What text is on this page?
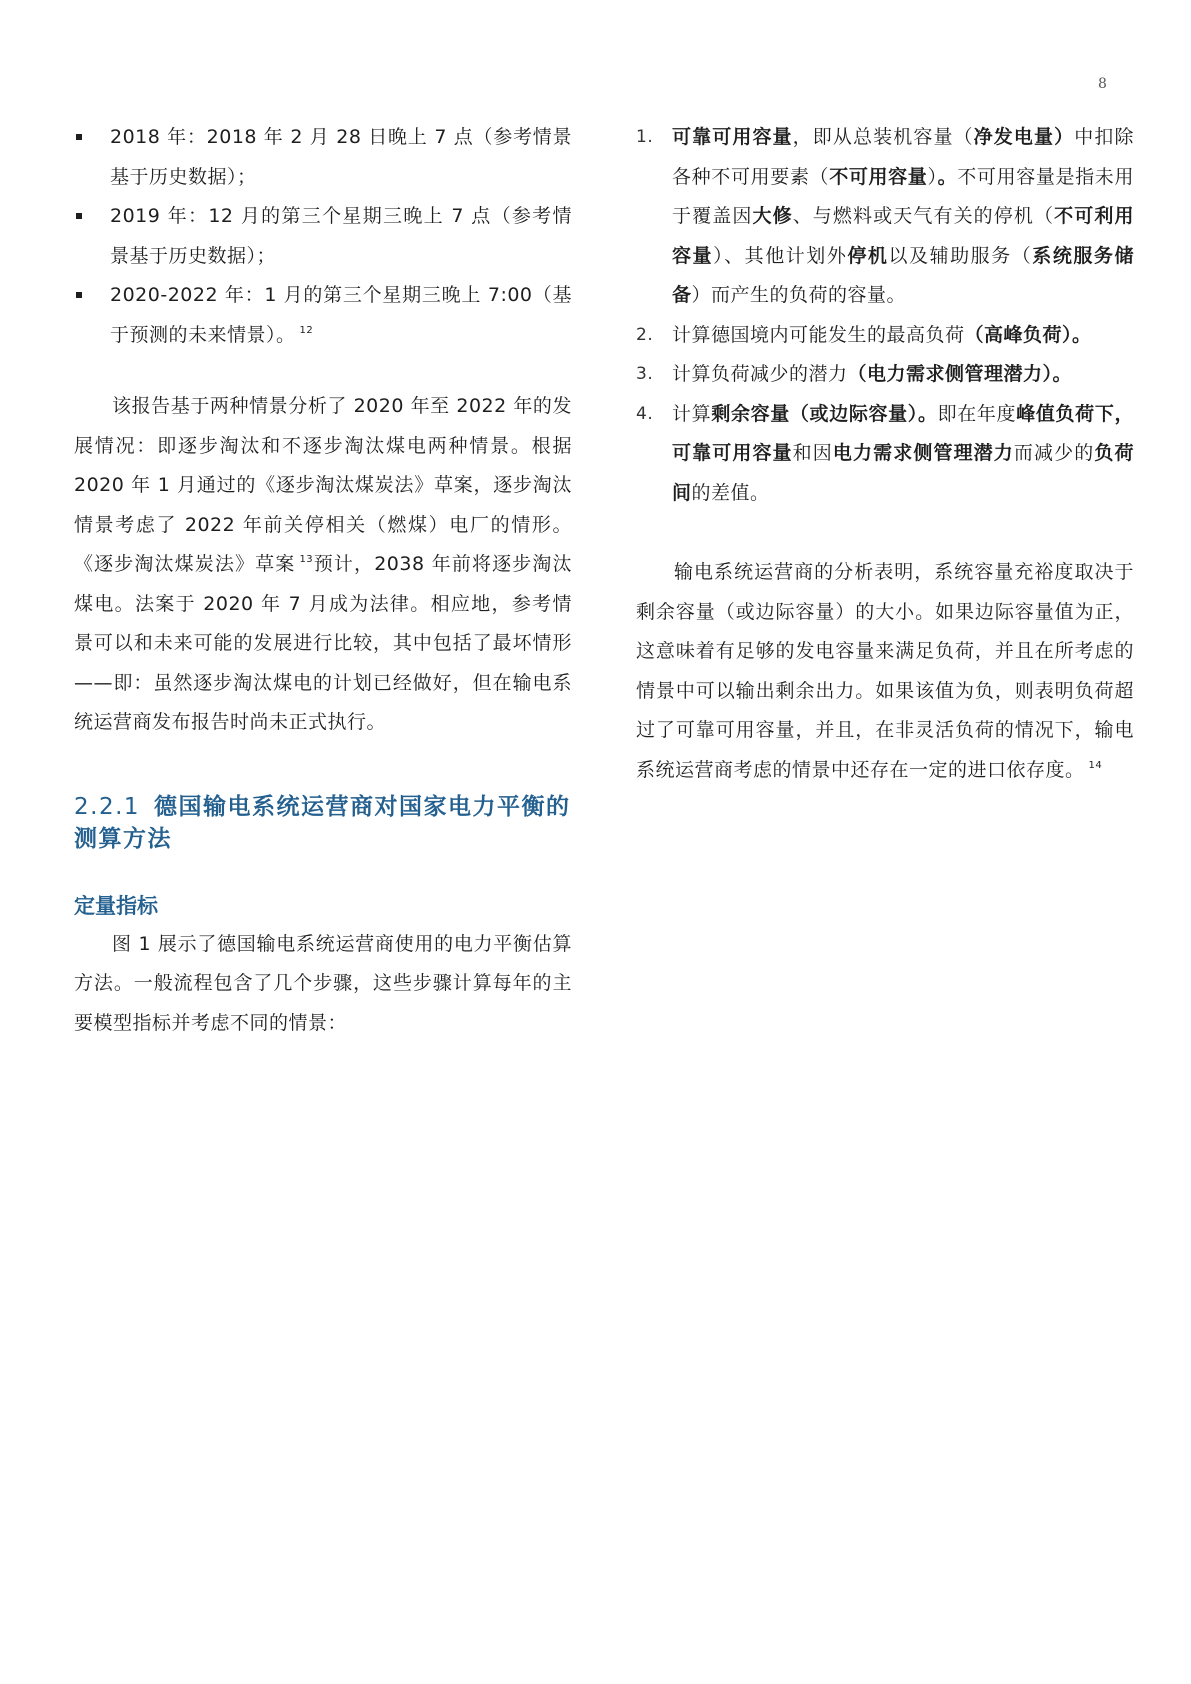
8
2018 年：2018 年 2 月 28 日晚上 7 点（参考情景基于历史数据）；
2019 年：12 月的第三个星期三晚上 7 点（参考情景基于历史数据）；
2020-2022 年：1 月的第三个星期三晚上 7:00（基于预测的未来情景）。 $^{12}$

该报告基于两种情景分析了 2020 年至 2022 年的发展情况：即逐步淘汰和不逐步淘汰煤电两种情景。根据 2020 年 1 月通过的《逐步淘汰煤炭法》草案，逐步淘汰情景考虑了 2022 年前关停相关（燃煤）电厂的情形。《逐步淘汰煤炭法》草案 $^{13}$预计，2038 年前将逐步淘汰煤电。法案于 2020 年 7 月成为法律。相应地，参考情景可以和未来可能的发展进行比较，其中包括了最坏情形——即：虽然逐步淘汰煤电的计划已经做好，但在输电系统运营商发布报告时尚未正式执行。

2.2.1 德国输电系统运营商对国家电力平衡的测算方法
定量指标

图 1 展示了德国输电系统运营商使用的电力平衡估算方法。一般流程包含了几个步骤，这些步骤计算每年的主要模型指标并考虑不同的情景：

1. 可靠可用容量，即从总装机容量（净发电量）中扣除各种不可用要素（不可用容量）。不可用容量是指未用于覆盖因大修、与燃料或天气有关的停机（不可利用容量）、其他计划外停机以及辅助服务（系统服务储备）而产生的负荷的容量。
2. 计算德国境内可能发生的最高负荷（高峰负荷）。
3. 计算负荷减少的潜力（电力需求侧管理潜力）。
4. 计算剩余容量（或边际容量）。即在年度峰值负荷下，可靠可用容量和因电力需求侧管理潜力而减少的负荷间的差值。

输电系统运营商的分析表明，系统容量充裕度取决于剩余容量（或边际容量）的大小。如果边际容量值为正，这意味着有足够的发电容量来满足负荷，并且在所考虑的情景中可以输出剩余出力。如果该值为负，则表明负荷超过了可靠可用容量，并且，在非灵活负荷的情况下，输电系统运营商考虑的情景中还存在一定的进口依存度。 $^{14}$
